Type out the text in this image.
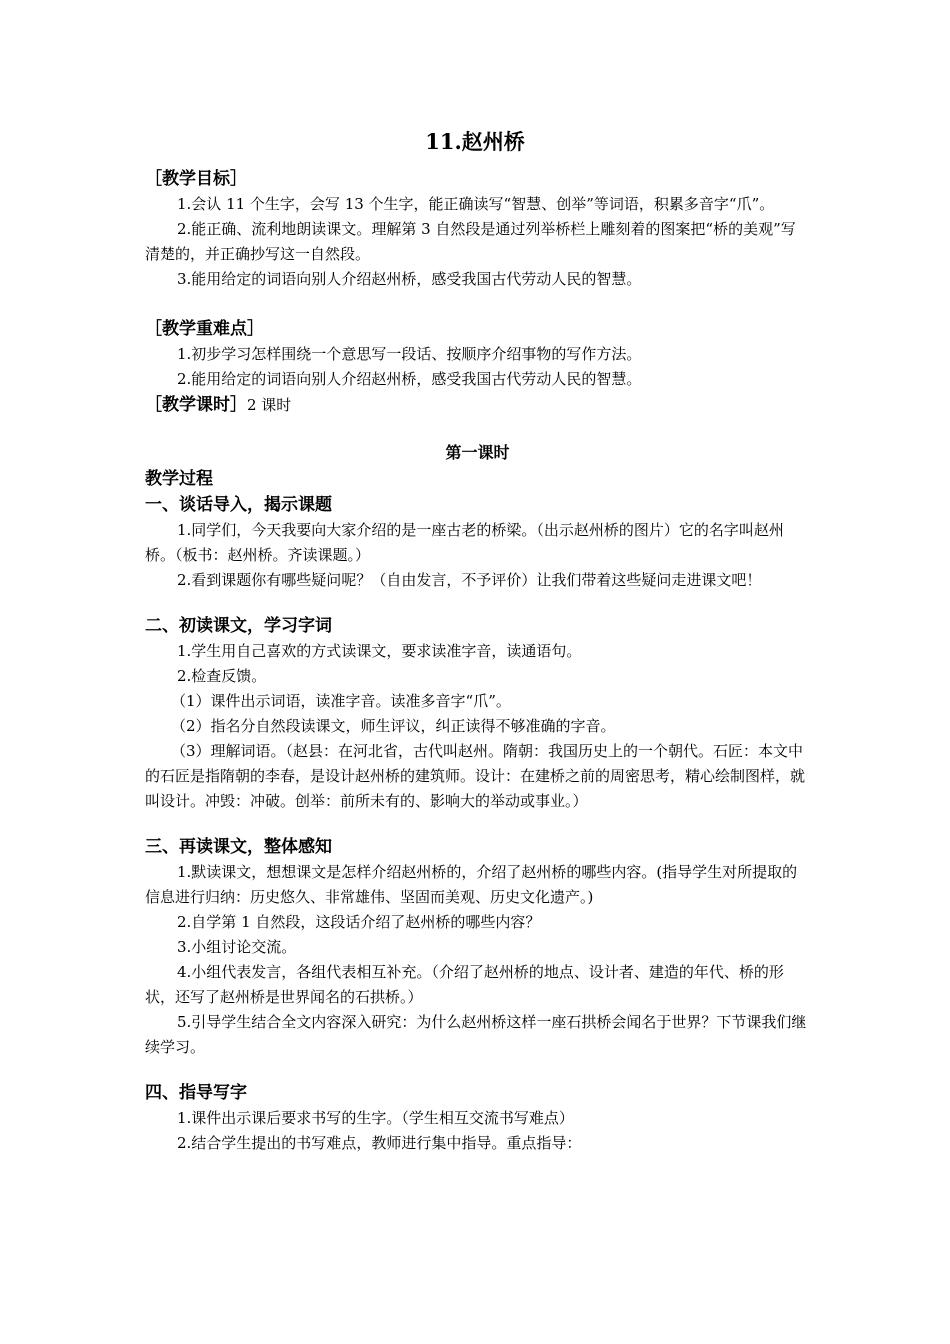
11.赵州桥

［教学目标］

1.会认 11 个生字，会写 13 个生字，能正确读写“智慧、创举”等词语，积累多音字“爪”。

2.能正确、流利地朗读课文。理解第 3 自然段是通过列举桥栏上雕刻着的图案把“桥的美观”写清楚的，并正确抄写这一自然段。

3.能用给定的词语向别人介绍赵州桥，感受我国古代劳动人民的智慧。

［教学重难点］

1.初步学习怎样围绕一个意思写一段话、按顺序介绍事物的写作方法。

2.能用给定的词语向别人介绍赵州桥，感受我国古代劳动人民的智慧。

［教学课时］2 课时

第一课时

教学过程

一、谈话导入，揭示课题

1.同学们，今天我要向大家介绍的是一座古老的桥梁。（出示赵州桥的图片）它的名字叫赵州桥。（板书：赵州桥。齐读课题。）

2.看到课题你有哪些疑问呢？（自由发言，不予评价）让我们带着这些疑问走进课文吧！

二、初读课文，学习字词

1.学生用自己喜欢的方式读课文，要求读准字音，读通语句。

2.检查反馈。

（1）课件出示词语，读准字音。读准多音字“爪”。

（2）指名分自然段读课文，师生评议，纠正读得不够准确的字音。

（3）理解词语。（赵县：在河北省，古代叫赵州。隋朝：我国历史上的一个朝代。石匠：本文中的石匠是指隋朝的李春，是设计赵州桥的建筑师。设计：在建桥之前的周密思考，精心绘制图样，就叫设计。冲毁：冲破。创举：前所未有的、影响大的举动或事业。）

三、再读课文，整体感知

1.默读课文，想想课文是怎样介绍赵州桥的，介绍了赵州桥的哪些内容。(指导学生对所提取的信息进行归纳：历史悠久、非常雄伟、坚固而美观、历史文化遗产。)

2.自学第 1 自然段，这段话介绍了赵州桥的哪些内容？

3.小组讨论交流。

4.小组代表发言，各组代表相互补充。（介绍了赵州桥的地点、设计者、建造的年代、桥的形状，还写了赵州桥是世界闻名的石拱桥。）

5.引导学生结合全文内容深入研究：为什么赵州桥这样一座石拱桥会闻名于世界？下节课我们继续学习。

四、指导写字

1.课件出示课后要求书写的生字。（学生相互交流书写难点）

2.结合学生提出的书写难点，教师进行集中指导。重点指导：
